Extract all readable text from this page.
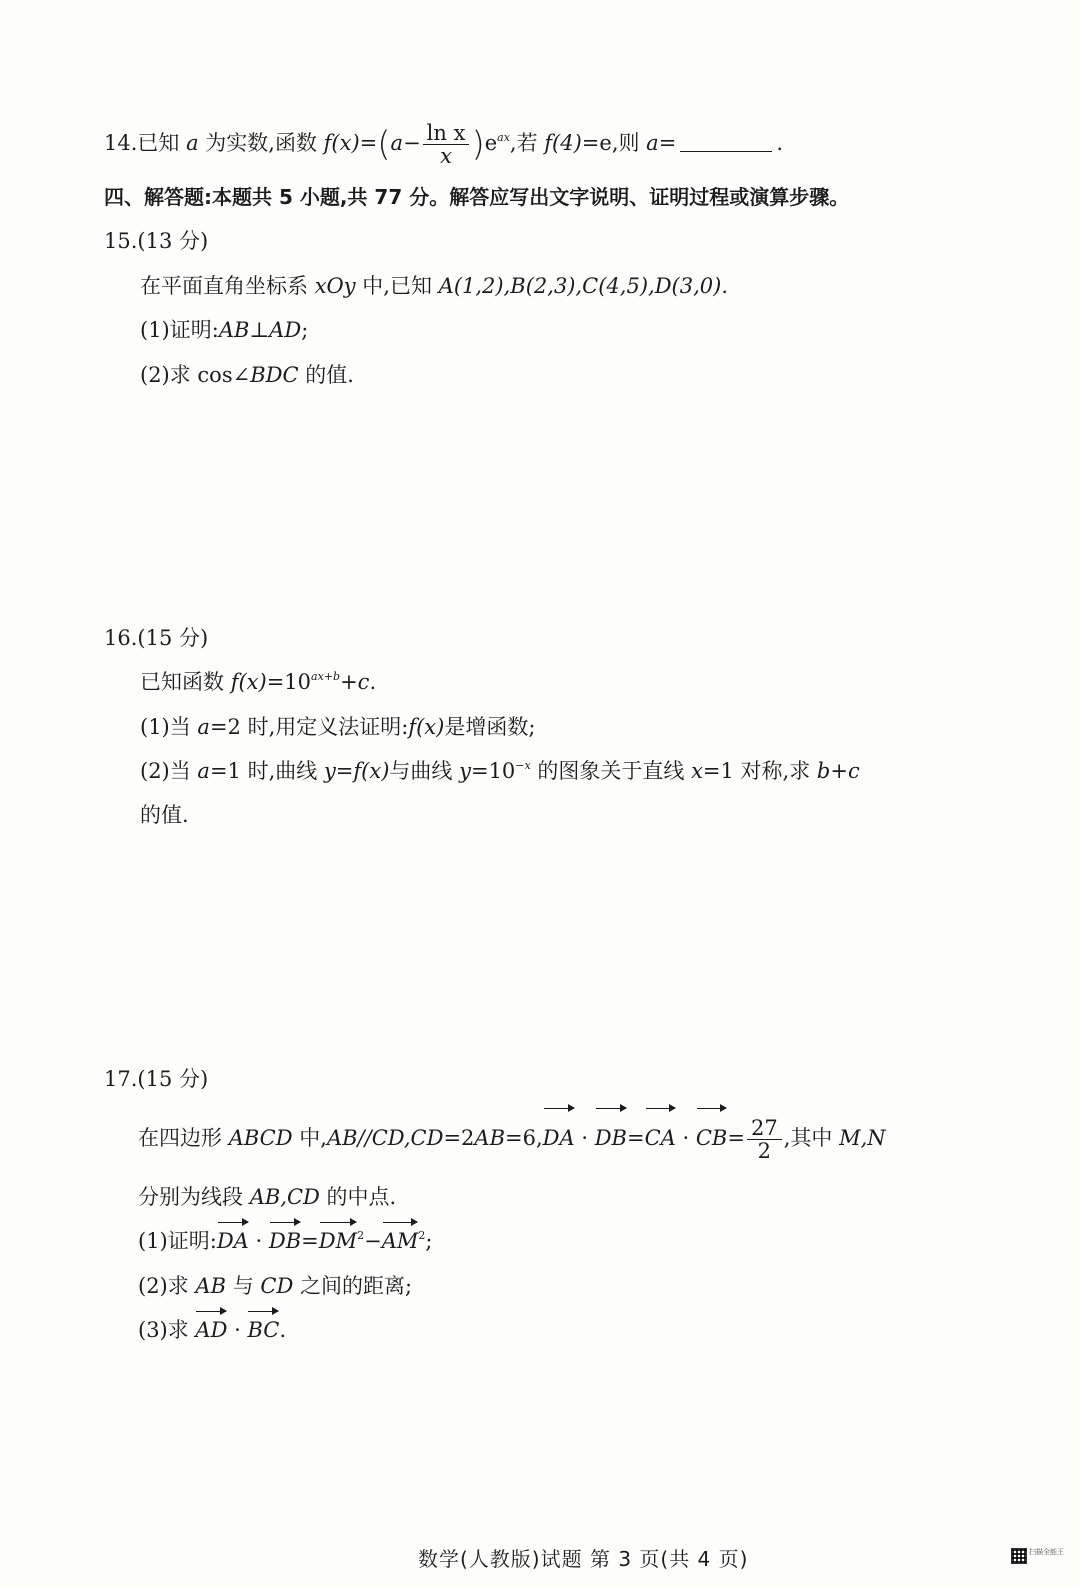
14.已知 a 为实数,函数 $f(x)=(a- \frac{\text{ln x}}{x} )e^{ax}$,若 f(4)=e,则 a=	.
四、解答题:本题共 5 小题,共 77 分。解答应写出文字说明、证明过程或演算步骤。
15.(13 分)
在平面直角坐标系 xOy 中,已知 A(1,2),B(2,3),C(4,5),D(3,0).
(1)证明:AB⊥AD;
(2)求 cos∠BDC 的值.
16.(15 分)
已知函数 $f(x)=10^{ax+b}+c$.
(1)当 a=2 时,用定义法证明:f(x)是增函数;
(2)当 a=1 时,曲线 y=f(x)与曲线 $y=10^{-x}$ 的图象关于直线 x=1 对称,求 b+c
的值.
17.(15 分)
在四边形 ABCD 中$,AB//CD,CD=2AB=6,DA \cdot DB=CA \cdot CB= \frac{27}{2}$ ,其中 M,N
分别为线段 AB,CD 的中点.
(1)证明:DA · $DB=DM^2-AM^2$;
(2)求 AB 与 CD 之间的距离;
(3)求 AD · BC.
数学(人教版)试题 第 3 页(共 4 页)	扫描全能王
